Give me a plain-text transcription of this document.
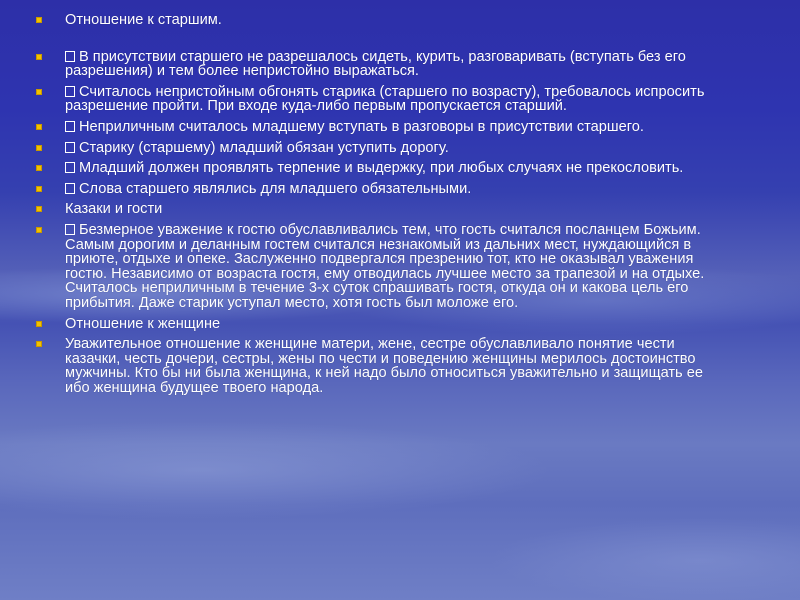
Отношение к старшим.
В присутствии старшего не разрешалось сидеть, курить, разговаривать (вступать без его разрешения) и тем более непристойно выражаться.
Считалось непристойным обгонять старика (старшего по возрасту), требовалось испросить разрешение пройти. При входе куда-либо первым пропускается старший.
Неприличным считалось младшему вступать в разговоры в присутствии старшего.
Старику (старшему) младший обязан уступить дорогу.
Младший должен проявлять терпение и выдержку, при любых случаях не прекословить.
Слова старшего являлись для младшего обязательными.
Казаки и гости
Безмерное уважение к гостю обуславливались тем, что гость считался посланцем Божьим. Самым дорогим и деланным гостем считался незнакомый из дальних мест, нуждающийся в приюте, отдыхе и опеке. Заслуженно подвергался презрению тот, кто не оказывал уважения гостю. Независимо от возраста гостя, ему отводилась лучшее место за трапезой и на отдыхе. Считалось неприличным в течение 3-х суток спрашивать гостя, откуда он и какова цель его прибытия. Даже старик уступал место, хотя гость был моложе его.
Отношение к женщине
Уважительное отношение к женщине матери, жене, сестре обуславливало понятие чести казачки, честь дочери, сестры, жены по чести и поведению женщины мерилось достоинство мужчины. Кто бы ни была женщина, к ней надо было относиться уважительно и защищать ее ибо женщина будущее твоего народа.
